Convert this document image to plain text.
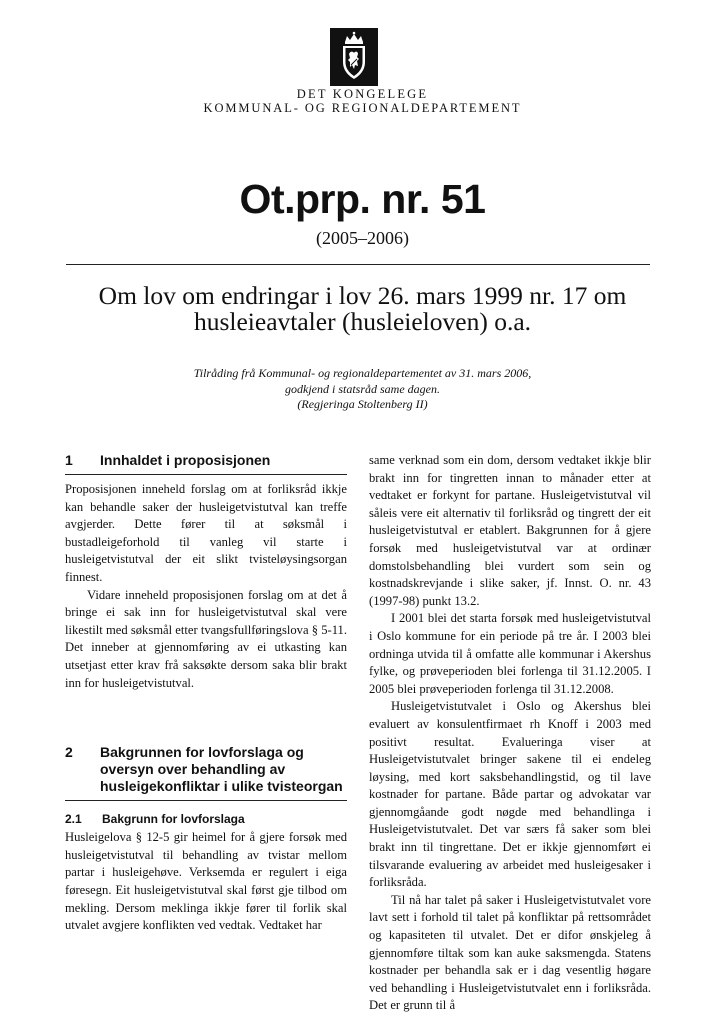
DET KONGELEGE
KOMMUNAL- OG REGIONALDEPARTEMENT
Ot.prp. nr. 51
(2005–2006)
Om lov om endringar i lov 26. mars 1999 nr. 17 om husleieavtaler (husleieloven) o.a.
Tilråding frå Kommunal- og regionaldepartementet av 31. mars 2006,
godkjend i statsråd same dagen.
(Regjeringa Stoltenberg II)
1 Innhaldet i proposisjonen

Proposisjonen inneheld forslag om at forliksråd ikkje kan behandle saker der husleigetvistutval kan treffe avgjerder. Dette fører til at søksmål i bustadleigeforhold til vanleg vil starte i husleigetvistutval der eit slikt tvisteløysingsorgan finnest.

Vidare inneheld proposisjonen forslag om at det å bringe ei sak inn for husleigetvistutval skal vere likestilt med søksmål etter tvangsfullføringslova § 5-11. Det inneber at gjennomføring av ei utkasting kan utsetjast etter krav frå saksøkte dersom saka blir brakt inn for husleigetvistutval.

2 Bakgrunnen for lovforslaga og oversyn over behandling av husleigekonfliktar i ulike tvisteorgan
2.1 Bakgrunn for lovforslaga

Husleigelova § 12-5 gir heimel for å gjere forsøk med husleigetvistutval til behandling av tvistar mellom partar i husleigehøve. Verksemda er regulert i eiga føresegn. Eit husleigetvistutval skal først gje tilbod om mekling. Dersom meklinga ikkje fører til forlik skal utvalet avgjere konflikten ved vedtak. Vedtaket har

same verknad som ein dom, dersom vedtaket ikkje blir brakt inn for tingretten innan to månader etter at vedtaket er forkynt for partane. Husleigetvistutval vil såleis vere eit alternativ til forliksråd og tingrett der eit husleigetvistutval er etablert. Bakgrunnen for å gjere forsøk med husleigetvistutval var at ordinær domstolsbehandling blei vurdert som sein og kostnadskrevjande i slike saker, jf. Innst. O. nr. 43 (1997-98) punkt 13.2.

I 2001 blei det starta forsøk med husleigetvistutval i Oslo kommune for ein periode på tre år. I 2003 blei ordninga utvida til å omfatte alle kommunar i Akershus fylke, og prøveperioden blei forlenga til 31.12.2005. I 2005 blei prøveperioden forlenga til 31.12.2008.

Husleigetvistutvalet i Oslo og Akershus blei evaluert av konsulentfirmaet rh Knoff i 2003 med positivt resultat. Evalueringa viser at Husleigetvistutvalet bringer sakene til ei endeleg løysing, med kort saksbehandlingstid, og til lave kostnader for partane. Både partar og advokatar var gjennomgåande godt nøgde med behandlinga i Husleigetvistutvalet. Det var særs få saker som blei brakt inn til tingrettane. Det er ikkje gjennomført ei tilsvarande evaluering av arbeidet med husleigesaker i forliksråda.

Til nå har talet på saker i Husleigetvistutvalet vore lavt sett i forhold til talet på konfliktar på rettsområdet og kapasiteten til utvalet. Det er difor ønskjeleg å gjennomføre tiltak som kan auke saksmengda. Statens kostnader per behandla sak er i dag vesentlig høgare ved behandling i Husleigetvistutvalet enn i forliksråda. Det er grunn til å
